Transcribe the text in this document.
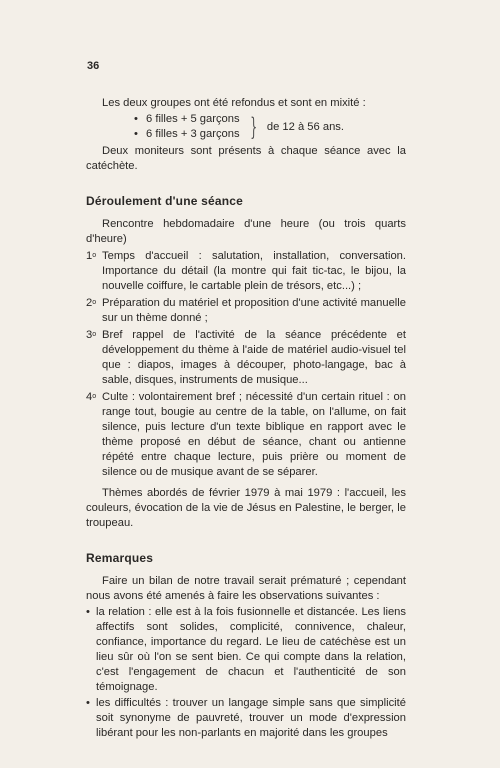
36

Les deux groupes ont été refondus et sont en mixité :

• 6 filles + 5 garçons
• 6 filles + 3 garçons } de 12 à 56 ans.

Deux moniteurs sont présents à chaque séance avec la catéchète.

Déroulement d'une séance

Rencontre hebdomadaire d'une heure (ou trois quarts d'heure)

1$^o$ Temps d'accueil : salutation, installation, conversation. Importance du détail (la montre qui fait tic-tac, le bijou, la nouvelle coiffure, le cartable plein de trésors, etc...) ;
2$^o$ Préparation du matériel et proposition d'une activité manuelle sur un thème donné ;
3$^o$ Bref rappel de l'activité de la séance précédente et développement du thème à l'aide de matériel audio-visuel tel que : diapos, images à découper, photo-langage, bac à sable, disques, instruments de musique...
4$^o$ Culte : volontairement bref ; nécessité d'un certain rituel : on range tout, bougie au centre de la table, on l'allume, on fait silence, puis lecture d'un texte biblique en rapport avec le thème proposé en début de séance, chant ou antienne répété entre chaque lecture, puis prière ou moment de silence ou de musique avant de se séparer.

Thèmes abordés de février 1979 à mai 1979 : l'accueil, les couleurs, évocation de la vie de Jésus en Palestine, le berger, le troupeau.

Remarques

Faire un bilan de notre travail serait prématuré ; cependant nous avons été amenés à faire les observations suivantes :

• la relation : elle est à la fois fusionnelle et distancée. Les liens affectifs sont solides, complicité, connivence, chaleur, confiance, importance du regard. Le lieu de catéchèse est un lieu sûr où l'on se sent bien. Ce qui compte dans la relation, c'est l'engagement de chacun et l'authenticité de son témoignage.
• les difficultés : trouver un langage simple sans que simplicité soit synonyme de pauvreté, trouver un mode d'expression libérant pour les non-parlants en majorité dans les groupes
